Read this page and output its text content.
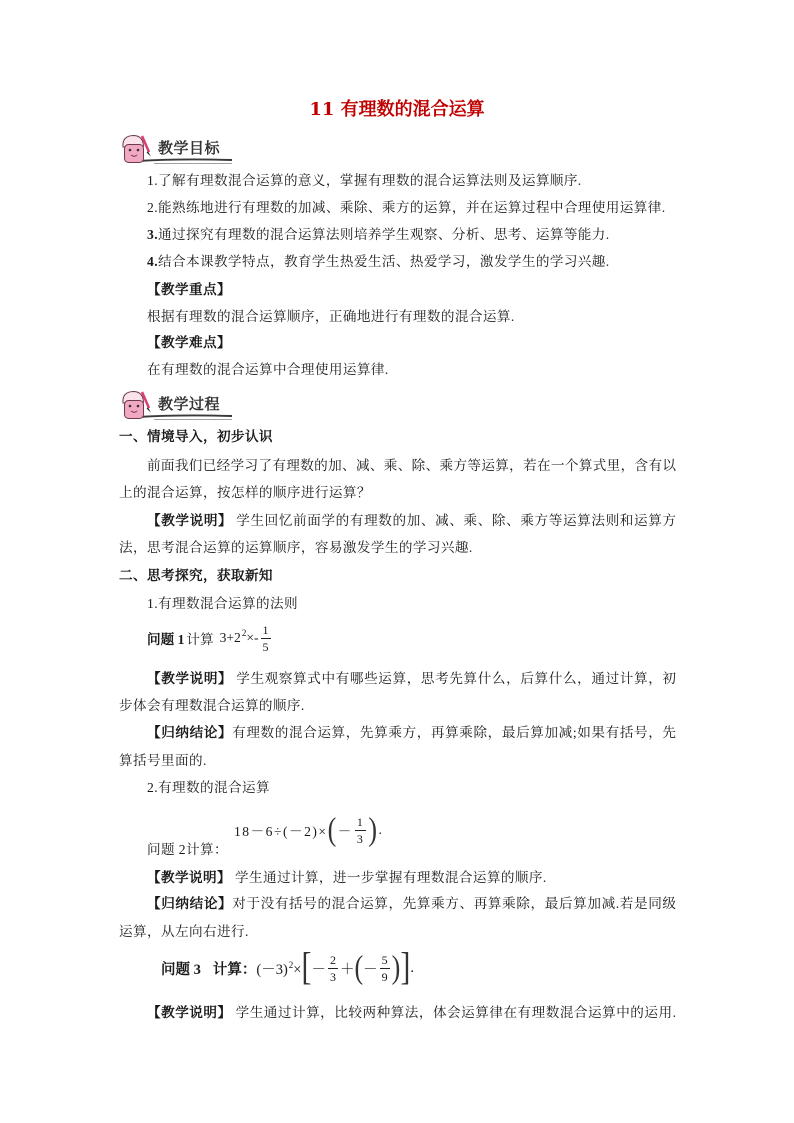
11 有理数的混合运算
教学目标
1.了解有理数混合运算的意义，掌握有理数的混合运算法则及运算顺序.
2.能熟练地进行有理数的加减、乘除、乘方的运算，并在运算过程中合理使用运算律.
3.通过探究有理数的混合运算法则培养学生观察、分析、思考、运算等能力.
4.结合本课教学特点，教育学生热爱生活、热爱学习，激发学生的学习兴趣.
【教学重点】
根据有理数的混合运算顺序，正确地进行有理数的混合运算.
【教学难点】
在有理数的混合运算中合理使用运算律.
教学过程
一、情境导入，初步认识
前面我们已经学习了有理数的加、减、乘、除、乘方等运算，若在一个算式里，含有以
上的混合运算，按怎样的顺序进行运算？
【教学说明】 学生回忆前面学的有理数的加、减、乘、除、乘方等运算法则和运算方
法，思考混合运算的运算顺序，容易激发学生的学习兴趣.
二、思考探究，获取新知
1.有理数混合运算的法则
问题 1 计算 $3+2^2\times- \frac{1}{5}$
【教学说明】 学生观察算式中有哪些运算，思考先算什么，后算什么，通过计算，初
步体会有理数混合运算的顺序.
【归纳结论】有理数的混合运算，先算乘方，再算乘除，最后算加减;如果有括号，先
算括号里面的.
2.有理数的混合运算
18－6÷(－2)× ( － $\frac{1}{3}$ ) .
问题 2计算：
【教学说明】 学生通过计算，进一步掌握有理数混合运算的顺序.
【归纳结论】对于没有括号的混合运算，先算乘方、再算乘除，最后算加减.若是同级
运算，从左向右进行.
问题 3 计算： $(-3)^2\times$ [ － $\frac{2}{3}$ ＋ ( － $\frac{5}{9}$ ) ] .
【教学说明】 学生通过计算，比较两种算法，体会运算律在有理数混合运算中的运用.
